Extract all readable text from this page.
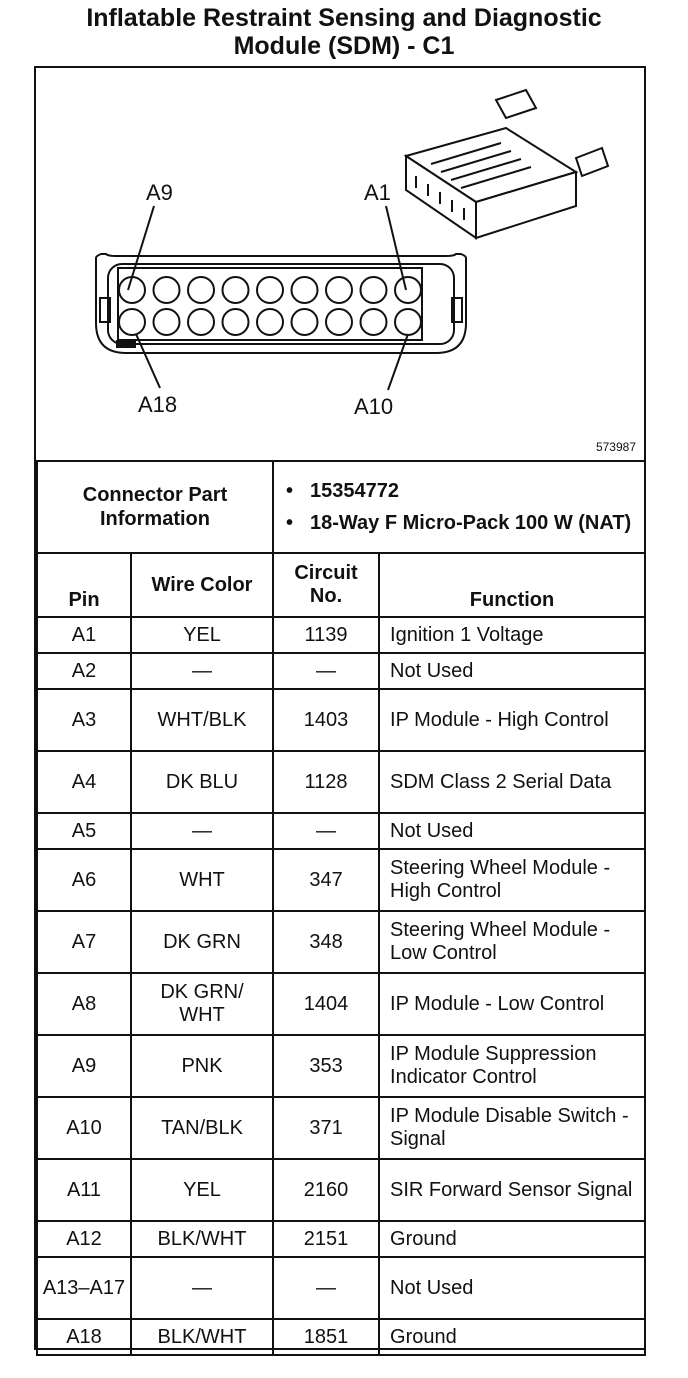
Inflatable Restraint Sensing and Diagnostic
Module (SDM) - C1
A9	A1
A18	A10
573987
Connector Part Information		• 15354772
• 18-Way F Micro-Pack 100 W (NAT)

Pin	Wire Color	Circuit No.	Function
A1	YEL	1139	Ignition 1 Voltage
A2	—	—	Not Used
A3	WHT/BLK	1403	IP Module - High Control
A4	DK BLU	1128	SDM Class 2 Serial Data
A5	—	—	Not Used
A6	WHT	347	Steering Wheel Module - High Control
A7	DK GRN	348	Steering Wheel Module - Low Control
A8	DK GRN/ WHT	1404	IP Module - Low Control
A9	PNK	353	IP Module Suppression Indicator Control
A10	TAN/BLK	371	IP Module Disable Switch - Signal
A11	YEL	2160	SIR Forward Sensor Signal
A12	BLK/WHT	2151	Ground
A13–A17	—	—	Not Used
A18	BLK/WHT	1851	Ground
